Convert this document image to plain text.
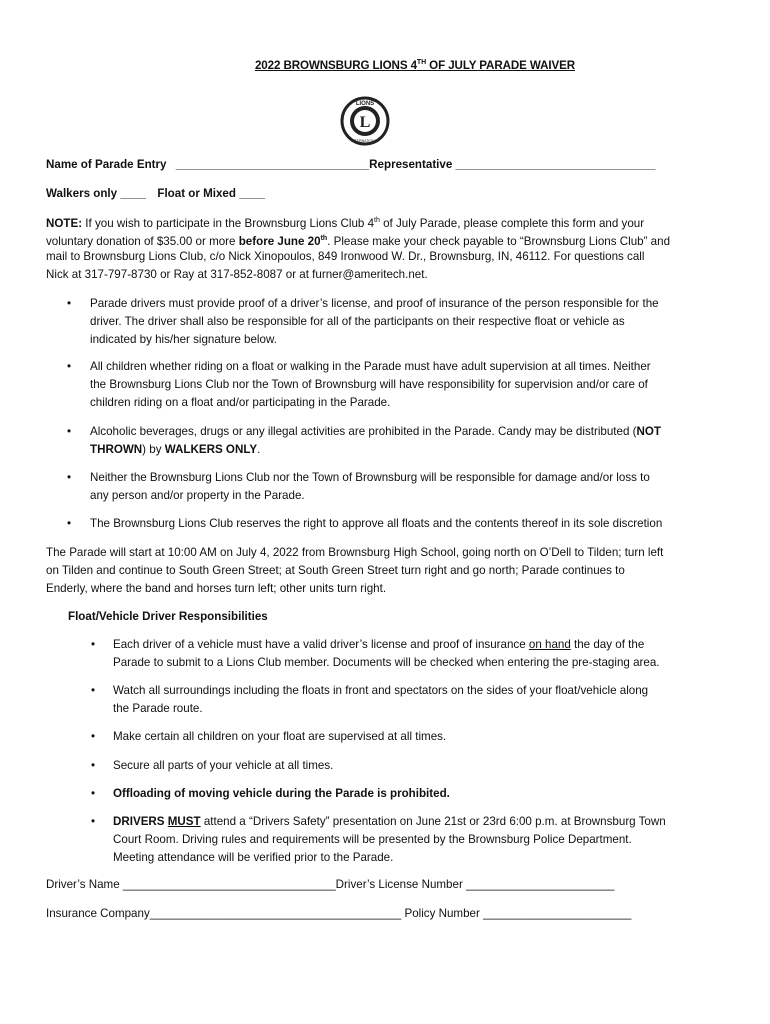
2022 BROWNSBURG LIONS 4TH OF JULY PARADE WAIVER
L
LIONS
INTERNATIONAL
Name of Parade Entry ______________________________Representative _______________________________
Walkers only ____ Float or Mixed ____
NOTE: If you wish to participate in the Brownsburg Lions Club 4th of July Parade, please complete this form and your
voluntary donation of $35.00 or more before June 20th. Please make your check payable to “Brownsburg Lions Club” and
mail to Brownsburg Lions Club, c/o Nick Xinopoulos, 849 Ironwood W. Dr., Brownsburg, IN, 46112. For questions call
Nick at 317-797-8730 or Ray at 317-852-8087 or at furner@ameritech.net.
• Parade drivers must provide proof of a driver’s license, and proof of insurance of the person responsible for the
driver. The driver shall also be responsible for all of the participants on their respective float or vehicle as
indicated by his/her signature below.
• All children whether riding on a float or walking in the Parade must have adult supervision at all times. Neither
the Brownsburg Lions Club nor the Town of Brownsburg will have responsibility for supervision and/or care of
children riding on a float and/or participating in the Parade.
• Alcoholic beverages, drugs or any illegal activities are prohibited in the Parade. Candy may be distributed (NOT
THROWN) by WALKERS ONLY.
• Neither the Brownsburg Lions Club nor the Town of Brownsburg will be responsible for damage and/or loss to
any person and/or property in the Parade.
• The Brownsburg Lions Club reserves the right to approve all floats and the contents thereof in its sole discretion
The Parade will start at 10:00 AM on July 4, 2022 from Brownsburg High School, going north on O’Dell to Tilden; turn left
on Tilden and continue to South Green Street; at South Green Street turn right and go north; Parade continues to
Enderly, where the band and horses turn left; other units turn right.
Float/Vehicle Driver Responsibilities
• Each driver of a vehicle must have a valid driver’s license and proof of insurance on hand the day of the
Parade to submit to a Lions Club member. Documents will be checked when entering the pre-staging area.
• Watch all surroundings including the floats in front and spectators on the sides of your float/vehicle along
the Parade route.
• Make certain all children on your float are supervised at all times.
• Secure all parts of your vehicle at all times.
• Offloading of moving vehicle during the Parade is prohibited.
• DRIVERS MUST attend a “Drivers Safety” presentation on June 21st or 23rd 6:00 p.m. at Brownsburg Town
Court Room. Driving rules and requirements will be presented by the Brownsburg Police Department.
Meeting attendance will be verified prior to the Parade.
Driver’s Name _________________________________Driver’s License Number _______________________
Insurance Company_______________________________________ Policy Number _______________________
